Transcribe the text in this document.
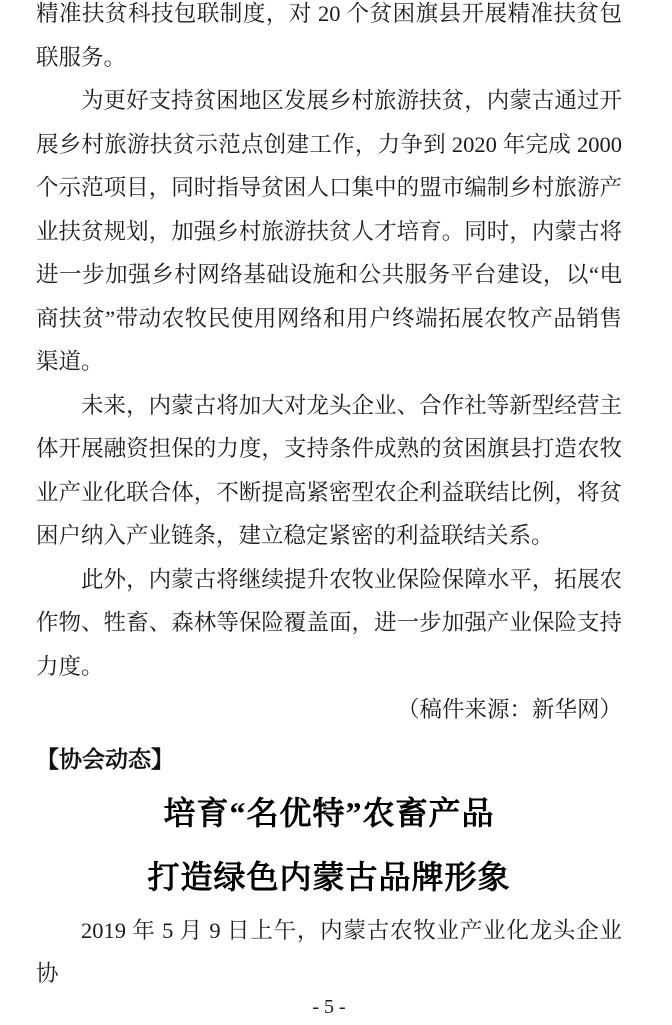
精准扶贫科技包联制度，对 20 个贫困旗县开展精准扶贫包联服务。

为更好支持贫困地区发展乡村旅游扶贫，内蒙古通过开展乡村旅游扶贫示范点创建工作，力争到 2020 年完成 2000 个示范项目，同时指导贫困人口集中的盟市编制乡村旅游产业扶贫规划，加强乡村旅游扶贫人才培育。同时，内蒙古将进一步加强乡村网络基础设施和公共服务平台建设，以“电商扶贫”带动农牧民使用网络和用户终端拓展农牧产品销售渠道。

未来，内蒙古将加大对龙头企业、合作社等新型经营主体开展融资担保的力度，支持条件成熟的贫困旗县打造农牧业产业化联合体，不断提高紧密型农企利益联结比例，将贫困户纳入产业链条，建立稳定紧密的利益联结关系。

此外，内蒙古将继续提升农牧业保险保障水平，拓展农作物、牲畜、森林等保险覆盖面，进一步加强产业保险支持力度。

（稿件来源：新华网）

【协会动态】
培育“名优特”农畜产品
打造绿色内蒙古品牌形象

2019 年 5 月 9 日上午，内蒙古农牧业产业化龙头企业协

- 5 -
